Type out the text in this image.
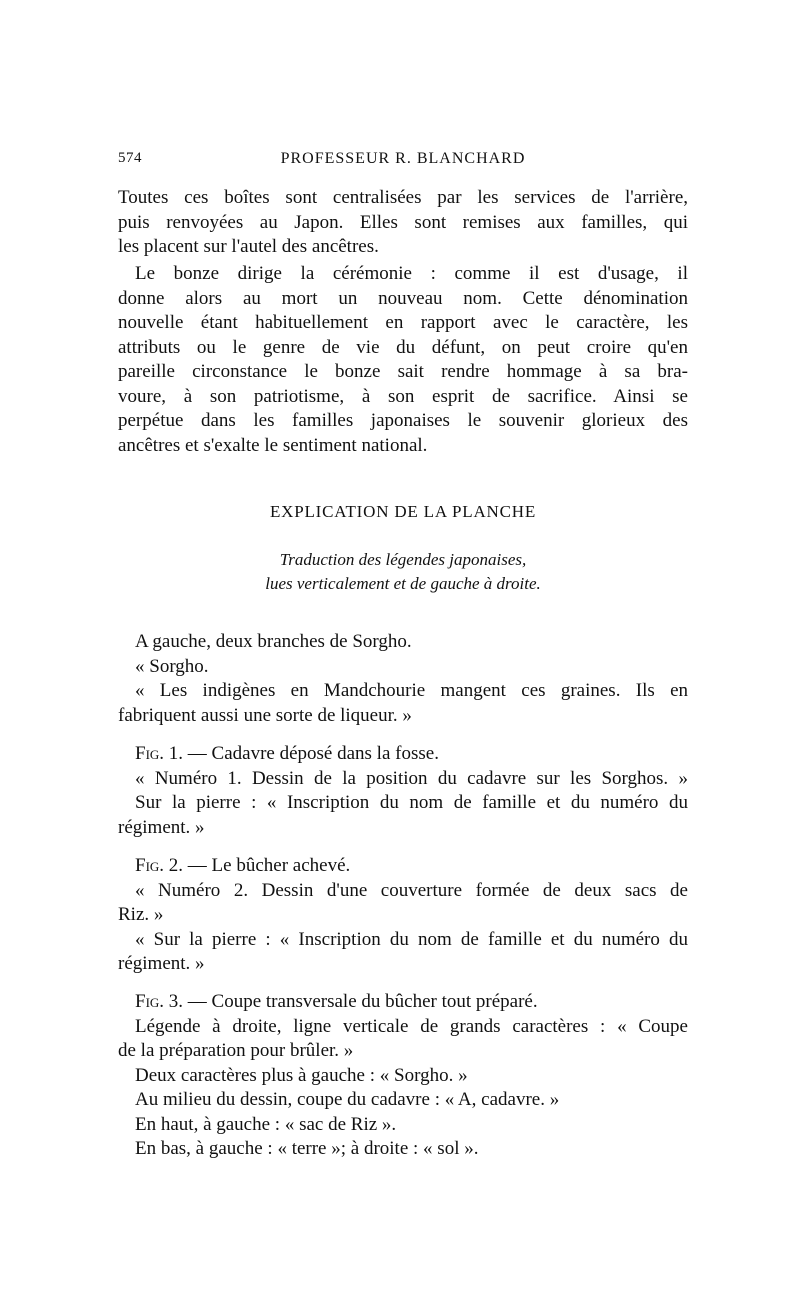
574	PROFESSEUR R. BLANCHARD
Toutes ces boîtes sont centralisées par les services de l'arrière,
puis renvoyées au Japon. Elles sont remises aux familles, qui
les placent sur l'autel des ancêtres.
Le bonze dirige la cérémonie : comme il est d'usage, il
donne alors au mort un nouveau nom. Cette dénomination
nouvelle étant habituellement en rapport avec le caractère, les
attributs ou le genre de vie du défunt, on peut croire qu'en
pareille circonstance le bonze sait rendre hommage à sa bra-
voure, à son patriotisme, à son esprit de sacrifice. Ainsi se
perpétue dans les familles japonaises le souvenir glorieux des
ancêtres et s'exalte le sentiment national.
EXPLICATION DE LA PLANCHE
Traduction des légendes japonaises,
lues verticalement et de gauche à droite.
A gauche, deux branches de Sorgho.
« Sorgho.
« Les indigènes en Mandchourie mangent ces graines. Ils en
fabriquent aussi une sorte de liqueur. »
Fig. 1. — Cadavre déposé dans la fosse.
« Numéro 1. Dessin de la position du cadavre sur les Sorghos. »
Sur la pierre : « Inscription du nom de famille et du numéro du
régiment. »
Fig. 2. — Le bûcher achevé.
« Numéro 2. Dessin d'une couverture formée de deux sacs de
Riz. »
« Sur la pierre : « Inscription du nom de famille et du numéro du
régiment. »
Fig. 3. — Coupe transversale du bûcher tout préparé.
Légende à droite, ligne verticale de grands caractères : « Coupe
de la préparation pour brûler. »
Deux caractères plus à gauche : « Sorgho. »
Au milieu du dessin, coupe du cadavre : « A, cadavre. »
En haut, à gauche : « sac de Riz ».
En bas, à gauche : « terre »; à droite : « sol ».
